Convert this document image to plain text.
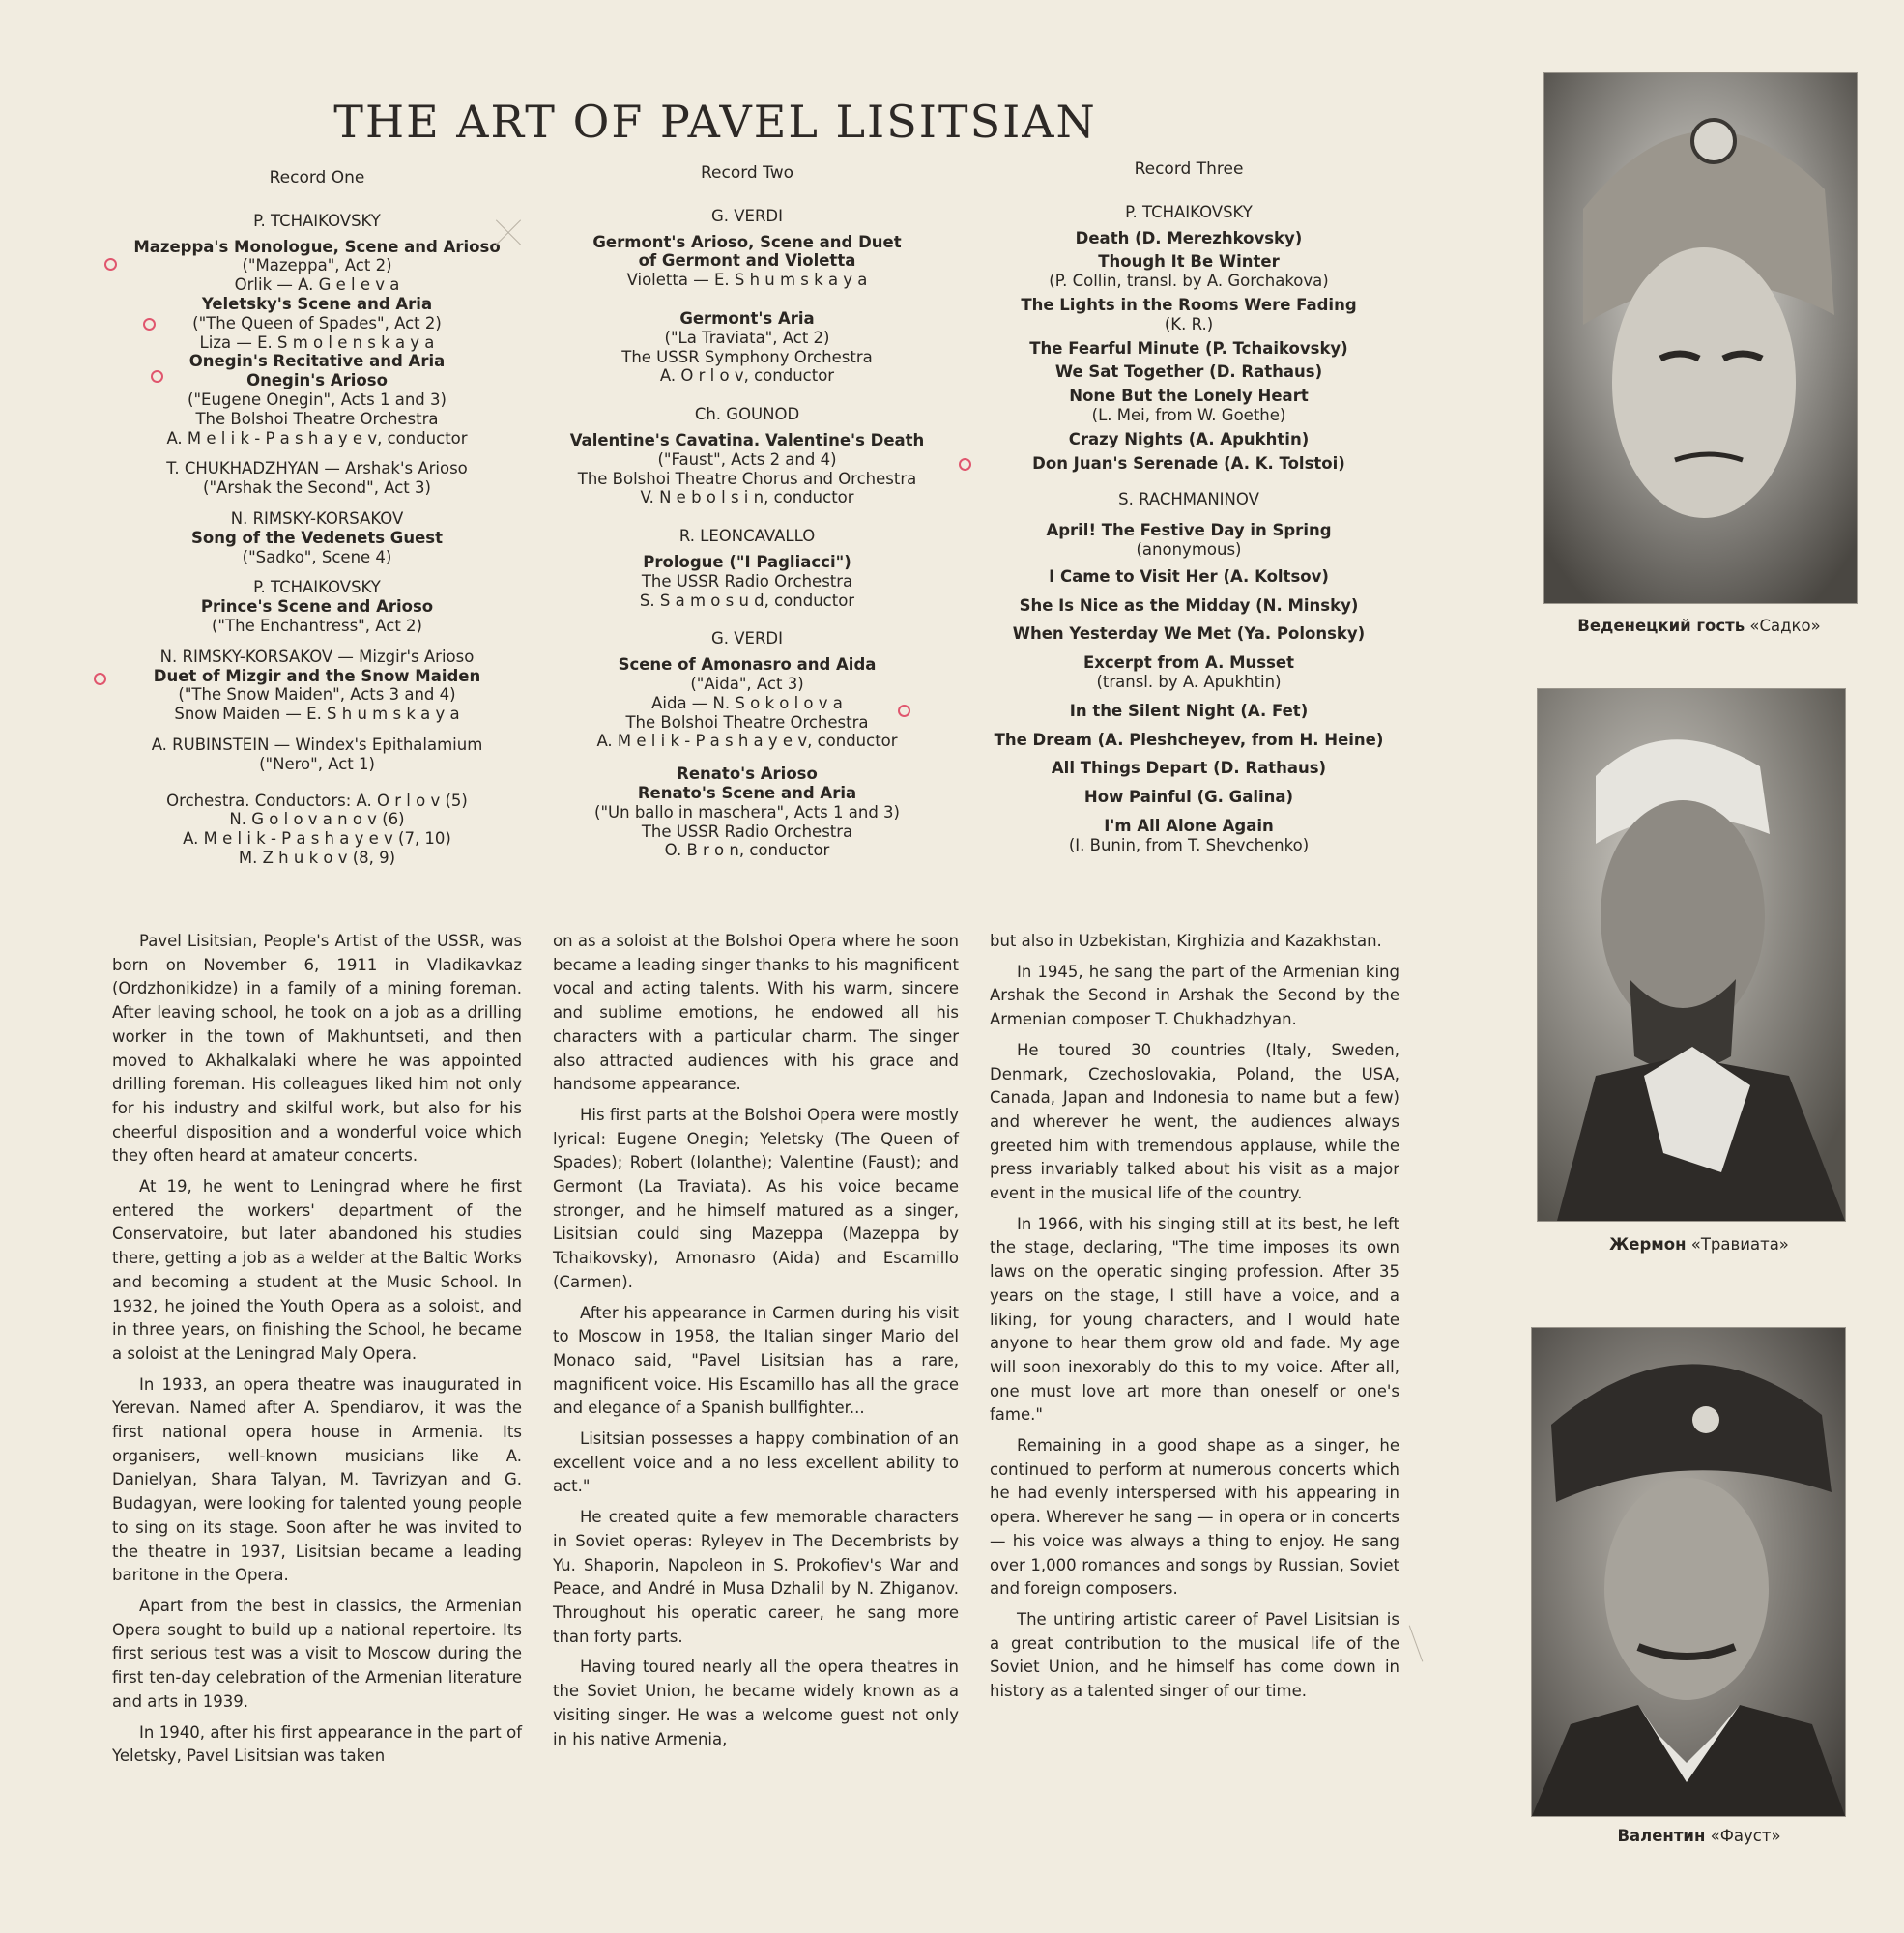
THE ART OF PAVEL LISITSIAN
Record One
P. TCHAIKOVSKY
Mazeppa's Monologue, Scene and Arioso
("Mazeppa", Act 2)
Orlik — A. G e l e v a
Yeletsky's Scene and Aria
("The Queen of Spades", Act 2)
Liza — E. S m o l e n s k a y a
Onegin's Recitative and Aria
Onegin's Arioso
("Eugene Onegin", Acts 1 and 3)
The Bolshoi Theatre Orchestra
A. M e l i k - P a s h a y e v, conductor
T. CHUKHADZHYAN — Arshak's Arioso
("Arshak the Second", Act 3)
N. RIMSKY-KORSAKOV
Song of the Vedenets Guest
("Sadko", Scene 4)
P. TCHAIKOVSKY
Prince's Scene and Arioso
("The Enchantress", Act 2)
N. RIMSKY-KORSAKOV — Mizgir's Arioso
Duet of Mizgir and the Snow Maiden
("The Snow Maiden", Acts 3 and 4)
Snow Maiden — E. S h u m s k a y a
A. RUBINSTEIN — Windex's Epithalamium
("Nero", Act 1)
Orchestra. Conductors: A. O r l o v (5)
N. G o l o v a n o v (6)
A. M e l i k - P a s h a y e v (7, 10)
M. Z h u k o v (8, 9)
Record Two
G. VERDI
Germont's Arioso, Scene and Duet
of Germont and Violetta
Violetta — E. S h u m s k a y a
Germont's Aria
("La Traviata", Act 2)
The USSR Symphony Orchestra
A. O r l o v, conductor
Ch. GOUNOD
Valentine's Cavatina. Valentine's Death
("Faust", Acts 2 and 4)
The Bolshoi Theatre Chorus and Orchestra
V. N e b o l s i n, conductor
R. LEONCAVALLO
Prologue ("I Pagliacci")
The USSR Radio Orchestra
S. S a m o s u d, conductor
G. VERDI
Scene of Amonasro and Aida
("Aida", Act 3)
Aida — N. S o k o l o v a
The Bolshoi Theatre Orchestra
A. M e l i k - P a s h a y e v, conductor
Renato's Arioso
Renato's Scene and Aria
("Un ballo in maschera", Acts 1 and 3)
The USSR Radio Orchestra
O. B r o n, conductor
Record Three
P. TCHAIKOVSKY
Death (D. Merezhkovsky)
Though It Be Winter
(P. Collin, transl. by A. Gorchakova)
The Lights in the Rooms Were Fading
(K. R.)
The Fearful Minute (P. Tchaikovsky)
We Sat Together (D. Rathaus)
None But the Lonely Heart
(L. Mei, from W. Goethe)
Crazy Nights (A. Apukhtin)
Don Juan's Serenade (A. K. Tolstoi)
S. RACHMANINOV
April! The Festive Day in Spring
(anonymous)
I Came to Visit Her (A. Koltsov)
She Is Nice as the Midday (N. Minsky)
When Yesterday We Met (Ya. Polonsky)
Excerpt from A. Musset
(transl. by A. Apukhtin)
In the Silent Night (A. Fet)
The Dream (A. Pleshcheyev, from H. Heine)
All Things Depart (D. Rathaus)
How Painful (G. Galina)
I'm All Alone Again
(I. Bunin, from T. Shevchenko)

Pavel Lisitsian, People's Artist of the USSR, was born on November 6, 1911 in Vladikavkaz (Ordzhonikidze) in a family of a mining foreman. After leaving school, he took on a job as a drilling worker in the town of Makhuntseti, and then moved to Akhalkalaki where he was appointed drilling foreman. His colleagues liked him not only for his industry and skilful work, but also for his cheerful disposition and a wonderful voice which they often heard at amateur concerts.

At 19, he went to Leningrad where he first entered the workers' department of the Conservatoire, but later abandoned his studies there, getting a job as a welder at the Baltic Works and becoming a student at the Music School. In 1932, he joined the Youth Opera as a soloist, and in three years, on finishing the School, he became a soloist at the Leningrad Maly Opera.

In 1933, an opera theatre was inaugurated in Yerevan. Named after A. Spendiarov, it was the first national opera house in Armenia. Its organisers, well-known musicians like A. Danielyan, Shara Talyan, M. Tavrizyan and G. Budagyan, were looking for talented young people to sing on its stage. Soon after he was invited to the theatre in 1937, Lisitsian became a leading baritone in the Opera.

Apart from the best in classics, the Armenian Opera sought to build up a national repertoire. Its first serious test was a visit to Moscow during the first ten-day celebration of the Armenian literature and arts in 1939.

In 1940, after his first appearance in the part of Yeletsky, Pavel Lisitsian was taken

on as a soloist at the Bolshoi Opera where he soon became a leading singer thanks to his magnificent vocal and acting talents. With his warm, sincere and sublime emotions, he endowed all his characters with a particular charm. The singer also attracted audiences with his grace and handsome appearance.

His first parts at the Bolshoi Opera were mostly lyrical: Eugene Onegin; Yeletsky (The Queen of Spades); Robert (Iolanthe); Valentine (Faust); and Germont (La Traviata). As his voice became stronger, and he himself matured as a singer, Lisitsian could sing Mazeppa (Mazeppa by Tchaikovsky), Amonasro (Aida) and Escamillo (Carmen).

After his appearance in Carmen during his visit to Moscow in 1958, the Italian singer Mario del Monaco said, "Pavel Lisitsian has a rare, magnificent voice. His Escamillo has all the grace and elegance of a Spanish bullfighter...

Lisitsian possesses a happy combination of an excellent voice and a no less excellent ability to act."

He created quite a few memorable characters in Soviet operas: Ryleyev in The Decembrists by Yu. Shaporin, Napoleon in S. Prokofiev's War and Peace, and André in Musa Dzhalil by N. Zhiganov. Throughout his operatic career, he sang more than forty parts.

Having toured nearly all the opera theatres in the Soviet Union, he became widely known as a visiting singer. He was a welcome guest not only in his native Armenia,

but also in Uzbekistan, Kirghizia and Kazakhstan.

In 1945, he sang the part of the Armenian king Arshak the Second in Arshak the Second by the Armenian composer T. Chukhadzhyan.

He toured 30 countries (Italy, Sweden, Denmark, Czechoslovakia, Poland, the USA, Canada, Japan and Indonesia to name but a few) and wherever he went, the audiences always greeted him with tremendous applause, while the press invariably talked about his visit as a major event in the musical life of the country.

In 1966, with his singing still at its best, he left the stage, declaring, "The time imposes its own laws on the operatic singing profession. After 35 years on the stage, I still have a voice, and a liking, for young characters, and I would hate anyone to hear them grow old and fade. My age will soon inexorably do this to my voice. After all, one must love art more than oneself or one's fame."

Remaining in a good shape as a singer, he continued to perform at numerous concerts which he had evenly interspersed with his appearing in opera. Wherever he sang — in opera or in concerts — his voice was always a thing to enjoy. He sang over 1,000 romances and songs by Russian, Soviet and foreign composers.

The untiring artistic career of Pavel Lisitsian is a great contribution to the musical life of the Soviet Union, and he himself has come down in history as a talented singer of our time.

Веденецкий гость «Садко»
Жермон «Травиата»
Валентин «Фауст»
